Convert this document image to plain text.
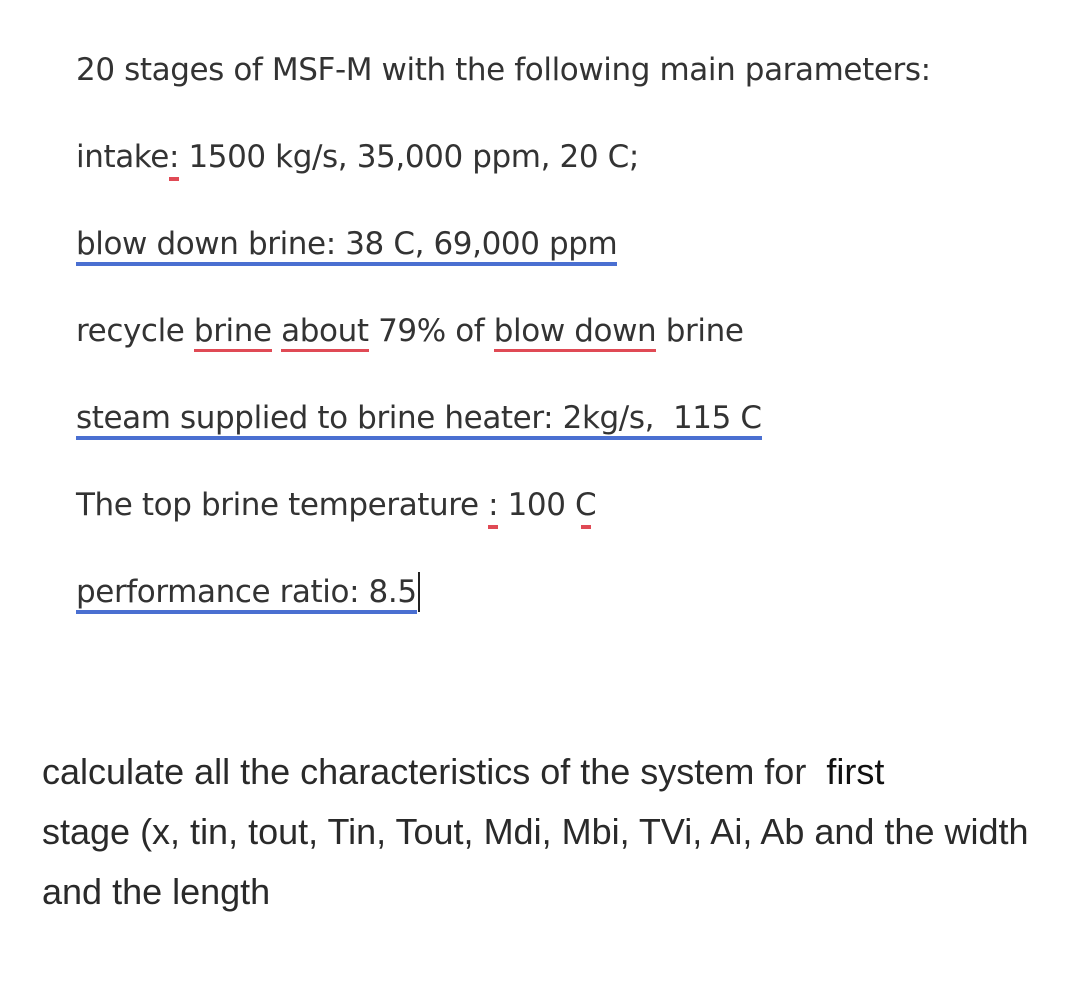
20 stages of MSF-M with the following main parameters:
intake: 1500 kg/s, 35,000 ppm, 20 C;
blow down brine: 38 C, 69,000 ppm
recycle brine about 79% of blow down brine
steam supplied to brine heater: 2kg/s,  115 C
The top brine temperature : 100 C
performance ratio: 8.5
calculate all the characteristics of the system for first
stage (x, tin, tout, Tin, Tout, Mdi, Mbi, TVi, Ai, Ab and the width and the length
